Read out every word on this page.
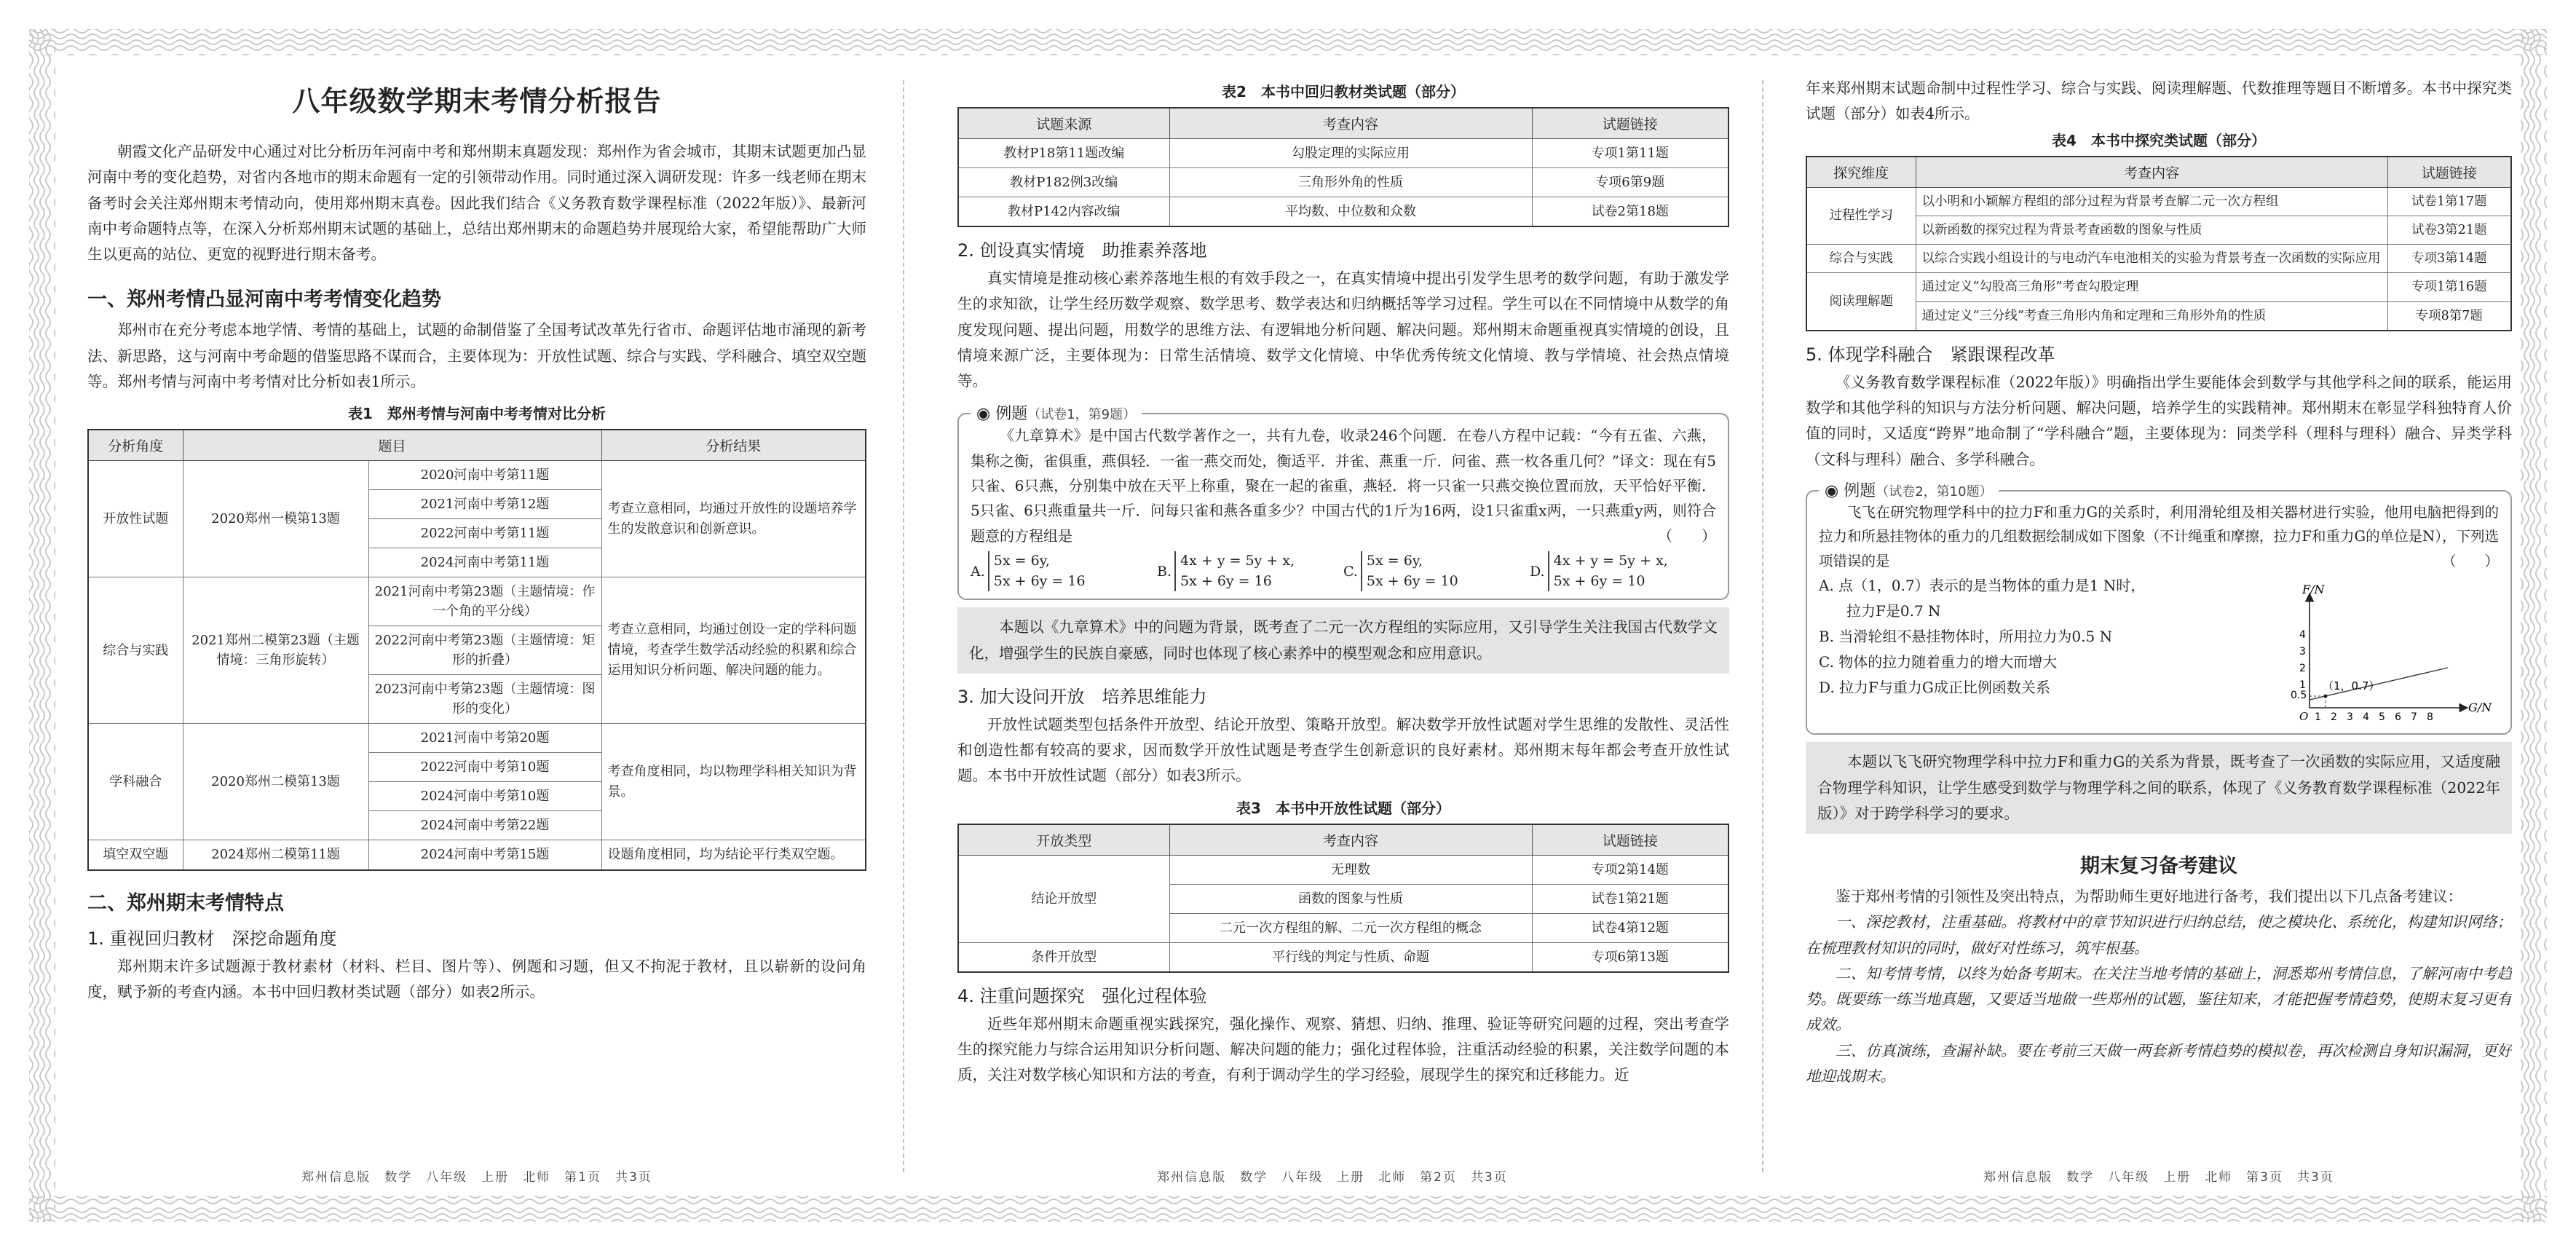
八年级数学期末考情分析报告

朝霞文化产品研发中心通过对比分析历年河南中考和郑州期末真题发现：郑州作为省会城市，其期末试题更加凸显河南中考的变化趋势，对省内各地市的期末命题有一定的引领带动作用。同时通过深入调研发现：许多一线老师在期末备考时会关注郑州期末考情动向，使用郑州期末真卷。因此我们结合《义务教育数学课程标准（2022年版）》、最新河南中考命题特点等，在深入分析郑州期末试题的基础上，总结出郑州期末的命题趋势并展现给大家，希望能帮助广大师生以更高的站位、更宽的视野进行期末备考。

一、郑州考情凸显河南中考考情变化趋势

郑州市在充分考虑本地学情、考情的基础上，试题的命制借鉴了全国考试改革先行省市、命题评估地市涌现的新考法、新思路，这与河南中考命题的借鉴思路不谋而合，主要体现为：开放性试题、综合与实践、学科融合、填空双空题等。郑州考情与河南中考考情对比分析如表1所示。

表1　郑州考情与河南中考考情对比分析
分析角度	题目		分析结果
开放性试题	2020郑州一模第13题	2020河南中考第11题	考查立意相同，均通过开放性的设题培养学生的发散意识和创新意识。
		2021河南中考第12题	
		2022河南中考第11题	
		2024河南中考第11题	
综合与实践	2021郑州二模第23题（主题情境：三角形旋转）	2021河南中考第23题（主题情境：作一个角的平分线）	考查立意相同，均通过创设一定的学科问题情境，考查学生数学活动经验的积累和综合运用知识分析问题、解决问题的能力。
		2022河南中考第23题（主题情境：矩形的折叠）	
		2023河南中考第23题（主题情境：图形的变化）	
学科融合	2020郑州二模第13题	2021河南中考第20题	考查角度相同，均以物理学科相关知识为背景。
		2022河南中考第10题	
		2024河南中考第10题	
		2024河南中考第22题	
填空双空题	2024郑州二模第11题	2024河南中考第15题	设题角度相同，均为结论平行类双空题。
二、郑州期末考情特点
1. 重视回归教材　深挖命题角度

郑州期末许多试题源于教材素材（材料、栏目、图片等）、例题和习题，但又不拘泥于教材，且以崭新的设问角度，赋予新的考查内涵。本书中回归教材类试题（部分）如表2所示。

郑州信息版　数学　八年级　上册　北师　第1页　共3页
表2　本书中回归教材类试题（部分）
试题来源	考查内容	试题链接
教材P18第11题改编	勾股定理的实际应用	专项1第11题
教材P182例3改编	三角形外角的性质	专项6第9题
教材P142内容改编	平均数、中位数和众数	试卷2第18题
2. 创设真实情境　助推素养落地

真实情境是推动核心素养落地生根的有效手段之一，在真实情境中提出引发学生思考的数学问题，有助于激发学生的求知欲，让学生经历数学观察、数学思考、数学表达和归纳概括等学习过程。学生可以在不同情境中从数学的角度发现问题、提出问题，用数学的思维方法、有逻辑地分析问题、解决问题。郑州期末命题重视真实情境的创设，且情境来源广泛，主要体现为：日常生活情境、数学文化情境、中华优秀传统文化情境、教与学情境、社会热点情境等。

◉ 例题（试卷1，第9题）

《九章算术》是中国古代数学著作之一，共有九卷，收录246个问题．在卷八方程中记载：“今有五雀、六燕，集称之衡，雀俱重，燕俱轻．一雀一燕交而处，衡适平．并雀、燕重一斤．问雀、燕一枚各重几何？”译文：现在有5只雀、6只燕，分别集中放在天平上称重，聚在一起的雀重，燕轻．将一只雀一只燕交换位置而放，天平恰好平衡．5只雀、6只燕重量共一斤．问每只雀和燕各重多少？中国古代的1斤为16两，设1只雀重x两，一只燕重y两，则符合题意的方程组是	（　　）

A.
5x = 6y,
5x + 6y = 16
B.
4x + y = 5y + x,
5x + 6y = 16
C.
5x = 6y,
5x + 6y = 10
D.
4x + y = 5y + x,
5x + 6y = 10

本题以《九章算术》中的问题为背景，既考查了二元一次方程组的实际应用，又引导学生关注我国古代数学文化，增强学生的民族自豪感，同时也体现了核心素养中的模型观念和应用意识。

3. 加大设问开放　培养思维能力

开放性试题类型包括条件开放型、结论开放型、策略开放型。解决数学开放性试题对学生思维的发散性、灵活性和创造性都有较高的要求，因而数学开放性试题是考查学生创新意识的良好素材。郑州期末每年都会考查开放性试题。本书中开放性试题（部分）如表3所示。

表3　本书中开放性试题（部分）
开放类型	考查内容	试题链接
结论开放型	无理数	专项2第14题
	函数的图象与性质	试卷1第21题
	二元一次方程组的解、二元一次方程组的概念	试卷4第12题
条件开放型	平行线的判定与性质、命题	专项6第13题
4. 注重问题探究　强化过程体验

近些年郑州期末命题重视实践探究，强化操作、观察、猜想、归纳、推理、验证等研究问题的过程，突出考查学生的探究能力与综合运用知识分析问题、解决问题的能力；强化过程体验，注重活动经验的积累，关注数学问题的本质，关注对数学核心知识和方法的考查，有利于调动学生的学习经验，展现学生的探究和迁移能力。近

郑州信息版　数学　八年级　上册　北师　第2页　共3页

年来郑州期末试题命制中过程性学习、综合与实践、阅读理解题、代数推理等题目不断增多。本书中探究类试题（部分）如表4所示。

表4　本书中探究类试题（部分）
探究维度	考查内容	试题链接
过程性学习	以小明和小颖解方程组的部分过程为背景考查解二元一次方程组	试卷1第17题
	以新函数的探究过程为背景考查函数的图象与性质	试卷3第21题
综合与实践	以综合实践小组设计的与电动汽车电池相关的实验为背景考查一次函数的实际应用	专项3第14题
阅读理解题	通过定义“勾股高三角形”考查勾股定理	专项1第16题
	通过定义“三分线”考查三角形内角和定理和三角形外角的性质	专项8第7题
5. 体现学科融合　紧跟课程改革

《义务教育数学课程标准（2022年版）》明确指出学生要能体会到数学与其他学科之间的联系，能运用数学和其他学科的知识与方法分析问题、解决问题，培养学生的实践精神。郑州期末在彰显学科独特育人价值的同时，又适度“跨界”地命制了“学科融合”题，主要体现为：同类学科（理科与理科）融合、异类学科（文科与理科）融合、多学科融合。

◉ 例题（试卷2，第10题）

飞飞在研究物理学科中的拉力F和重力G的关系时，利用滑轮组及相关器材进行实验，他用电脑把得到的拉力和所悬挂物体的重力的几组数据绘制成如下图象（不计绳重和摩擦，拉力F和重力G的单位是N），下列选项错误的是	（　　）

A. 点（1，0.7）表示的是当物体的重力是1 N时，
拉力F是0.7 N
B. 当滑轮组不悬挂物体时，所用拉力为0.5 N
C. 物体的拉力随着重力的增大而增大
D. 拉力F与重力G成正比例函数关系
F/N
G/N
O
0.5
1
2
3
4
1 2 3 4 5 6 7 8
（1，0.7）

本题以飞飞研究物理学科中拉力F和重力G的关系为背景，既考查了一次函数的实际应用，又适度融合物理学科知识，让学生感受到数学与物理学科之间的联系，体现了《义务教育数学课程标准（2022年版）》对于跨学科学习的要求。

期末复习备考建议

鉴于郑州考情的引领性及突出特点，为帮助师生更好地进行备考，我们提出以下几点备考建议：

一、深挖教材，注重基础。将教材中的章节知识进行归纳总结，使之模块化、系统化，构建知识网络；在梳理教材知识的同时，做好对性练习，筑牢根基。

二、知考情考情，以终为始备考期末。在关注当地考情的基础上，洞悉郑州考情信息，了解河南中考趋势。既要练一练当地真题，又要适当地做一些郑州的试题，鉴往知来，才能把握考情趋势，使期末复习更有成效。

三、仿真演练，查漏补缺。要在考前三天做一两套新考情趋势的模拟卷，再次检测自身知识漏洞，更好地迎战期末。

郑州信息版　数学　八年级　上册　北师　第3页　共3页
